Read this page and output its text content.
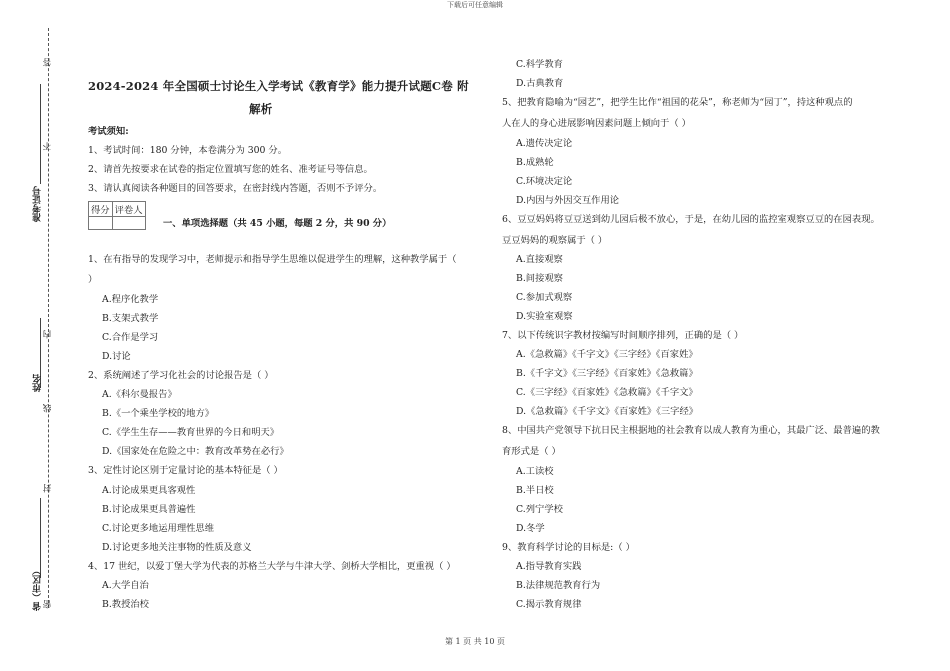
下载后可任意编辑
第 1 页 共 10 页
准考证号
姓名
省（市区）
答
不
内
线
封
密
2024-2024 年全国硕士讨论生入学考试《教育学》能力提升试题C卷 附
解析
考试须知:
1、考试时间：180 分钟，本卷满分为 300 分。
2、请首先按要求在试卷的指定位置填写您的姓名、准考证号等信息。
3、请认真阅读各种题目的回答要求，在密封线内答题，否则不予评分。
得分	评卷人

一、单项选择题（共 45 小题，每题 2 分，共 90 分）
1、在有指导的发现学习中，老师提示和指导学生思维以促进学生的理解，这种教学属于（
）
A.程序化教学
B.支架式教学
C.合作是学习
D.讨论
2、系统阐述了学习化社会的讨论报告是（ ）
A.《科尔曼报告》
B.《一个乘坐学校的地方》
C.《学生生存——教育世界的今日和明天》
D.《国家处在危险之中：教育改革势在必行》
3、定性讨论区别于定量讨论的基本特征是（ ）
A.讨论成果更具客观性
B.讨论成果更具普遍性
C.讨论更多地运用理性思维
D.讨论更多地关注事物的性质及意义
4、17 世纪，以爱丁堡大学为代表的苏格兰大学与牛津大学、剑桥大学相比，更重视（ ）
A.大学自治
B.教授治校
C.科学教育
D.古典教育
5、把教育隐喻为“园艺”，把学生比作“祖国的花朵”，称老师为“园丁”，持这种观点的
人在人的身心进展影响因素问题上倾向于（ ）
A.遗传决定论
B.成熟轮
C.环境决定论
D.内因与外因交互作用论
6、豆豆妈妈将豆豆送到幼儿园后极不放心，于是，在幼儿园的监控室观察豆豆的在园表现。
豆豆妈妈的观察属于（ ）
A.直接观察
B.间接观察
C.参加式观察
D.实验室观察
7、以下传统识字教材按编写时间顺序排列，正确的是（ ）
A.《急救篇》《千字文》《三字经》《百家姓》
B.《千字文》《三字经》《百家姓》《急救篇》
C.《三字经》《百家姓》《急救篇》《千字文》
D.《急救篇》《千字文》《百家姓》《三字经》
8、中国共产党领导下抗日民主根据地的社会教育以成人教育为重心，其最广泛、最普遍的教
育形式是（ ）
A.工读校
B.半日校
C.列宁学校
D.冬学
9、教育科学讨论的目标是:（ ）
A.指导教育实践
B.法律规范教育行为
C.揭示教育规律
